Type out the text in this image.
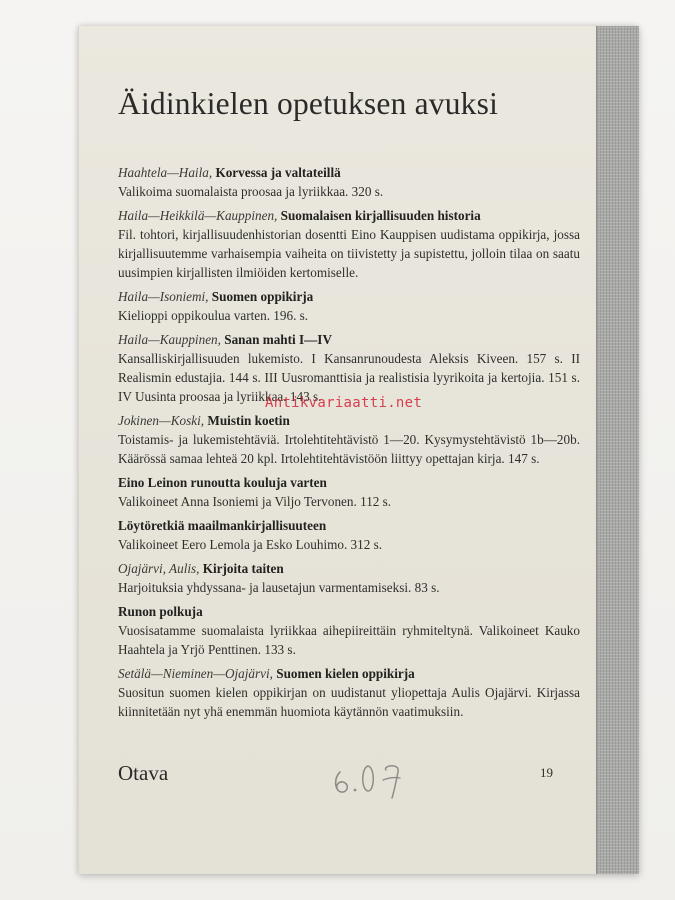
Äidinkielen opetuksen avuksi

Haahtela—Haila, Korvessa ja valtateillä

Valikoima suomalaista proosaa ja lyriikkaa. 320 s.

Haila—Heikkilä—Kauppinen, Suomalaisen kirjallisuuden historia

Fil. tohtori, kirjallisuudenhistorian dosentti Eino Kauppisen uudistama oppikirja, jossa kirjallisuutemme varhaisempia vaiheita on tiivistetty ja supistettu, jolloin tilaa on saatu uusimpien kirjallisten ilmiöiden kertomiselle.

Haila—Isoniemi, Suomen oppikirja

Kielioppi oppikoulua varten. 196. s.

Haila—Kauppinen, Sanan mahti I—IV

Kansalliskirjallisuuden lukemisto. I Kansanrunoudesta Aleksis Kiveen. 157 s. II Realismin edustajia. 144 s. III Uusromanttisia ja realistisia lyyrikoita ja kertojia. 151 s. IV Uusinta proosaa ja lyriikkaa. 143 s.

Jokinen—Koski, Muistin koetin

Toistamis- ja lukemistehtäviä. Irtolehtitehtävistö 1—20. Kysymystehtävistö 1b—20b. Käärössä samaa lehteä 20 kpl. Irtolehtitehtävistöön liittyy opettajan kirja. 147 s.

Eino Leinon runoutta kouluja varten

Valikoineet Anna Isoniemi ja Viljo Tervonen. 112 s.

Löytöretkiä maailmankirjallisuuteen

Valikoineet Eero Lemola ja Esko Louhimo. 312 s.

Ojajärvi, Aulis, Kirjoita taiten

Harjoituksia yhdyssana- ja lausetajun varmentamiseksi. 83 s.

Runon polkuja

Vuosisatamme suomalaista lyriikkaa aihepiireittäin ryhmiteltynä. Valikoineet Kauko Haahtela ja Yrjö Penttinen. 133 s.

Setälä—Nieminen—Ojajärvi, Suomen kielen oppikirja

Suositun suomen kielen oppikirjan on uudistanut yliopettaja Aulis Ojajärvi. Kirjassa kiinnitetään nyt yhä enemmän huomiota käytännön vaatimuksiin.

Antikvariaatti.net
Otava	19
